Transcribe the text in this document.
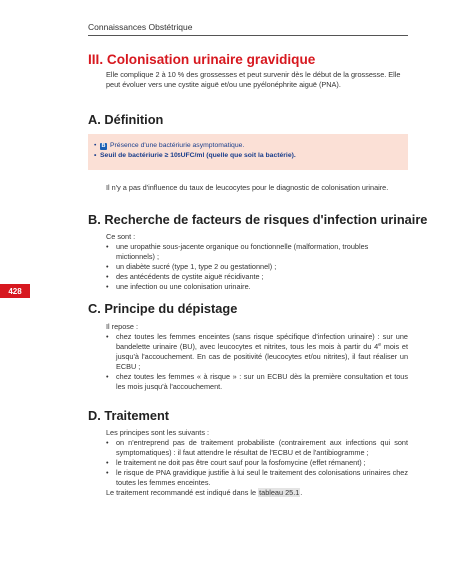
Connaissances Obstétrique
428
III. Colonisation urinaire gravidique

Elle complique 2 à 10 % des grossesses et peut survenir dès le début de la grossesse. Elle peut évoluer vers une cystite aiguë et/ou une pyélonéphrite aiguë (PNA).

A. Définition
• B Présence d'une bactériurie asymptomatique.
• Seuil de bactériurie ≥ 10 5 UFC/ml (quelle que soit la bactérie).

Il n'y a pas d'influence du taux de leucocytes pour le diagnostic de colonisation urinaire.

B. Recherche de facteurs de risques d'infection urinaire

Ce sont :

• une uropathie sous-jacente organique ou fonctionnelle (malformation, troubles mictionnels) ;
• un diabète sucré (type 1, type 2 ou gestationnel) ;
• des antécédents de cystite aiguë récidivante ;
• une infection ou une colonisation urinaire.
C. Principe du dépistage

Il repose :

• chez toutes les femmes enceintes (sans risque spécifique d'infection urinaire) : sur une bandelette urinaire (BU), avec leucocytes et nitrites, tous les mois à partir du 4e mois et jusqu'à l'accouchement. En cas de positivité (leucocytes et/ou nitrites), il faut réaliser un ECBU ;
• chez toutes les femmes « à risque » : sur un ECBU dès la première consultation et tous les mois jusqu'à l'accouchement.
D. Traitement

Les principes sont les suivants :

• on n'entreprend pas de traitement probabiliste (contrairement aux infections qui sont symptomatiques) : il faut attendre le résultat de l'ECBU et de l'antibiogramme ;
• le traitement ne doit pas être court sauf pour la fosfomycine (effet rémanent) ;
• le risque de PNA gravidique justifie à lui seul le traitement des colonisations urinaires chez toutes les femmes enceintes.

Le traitement recommandé est indiqué dans le tableau 25.1.
